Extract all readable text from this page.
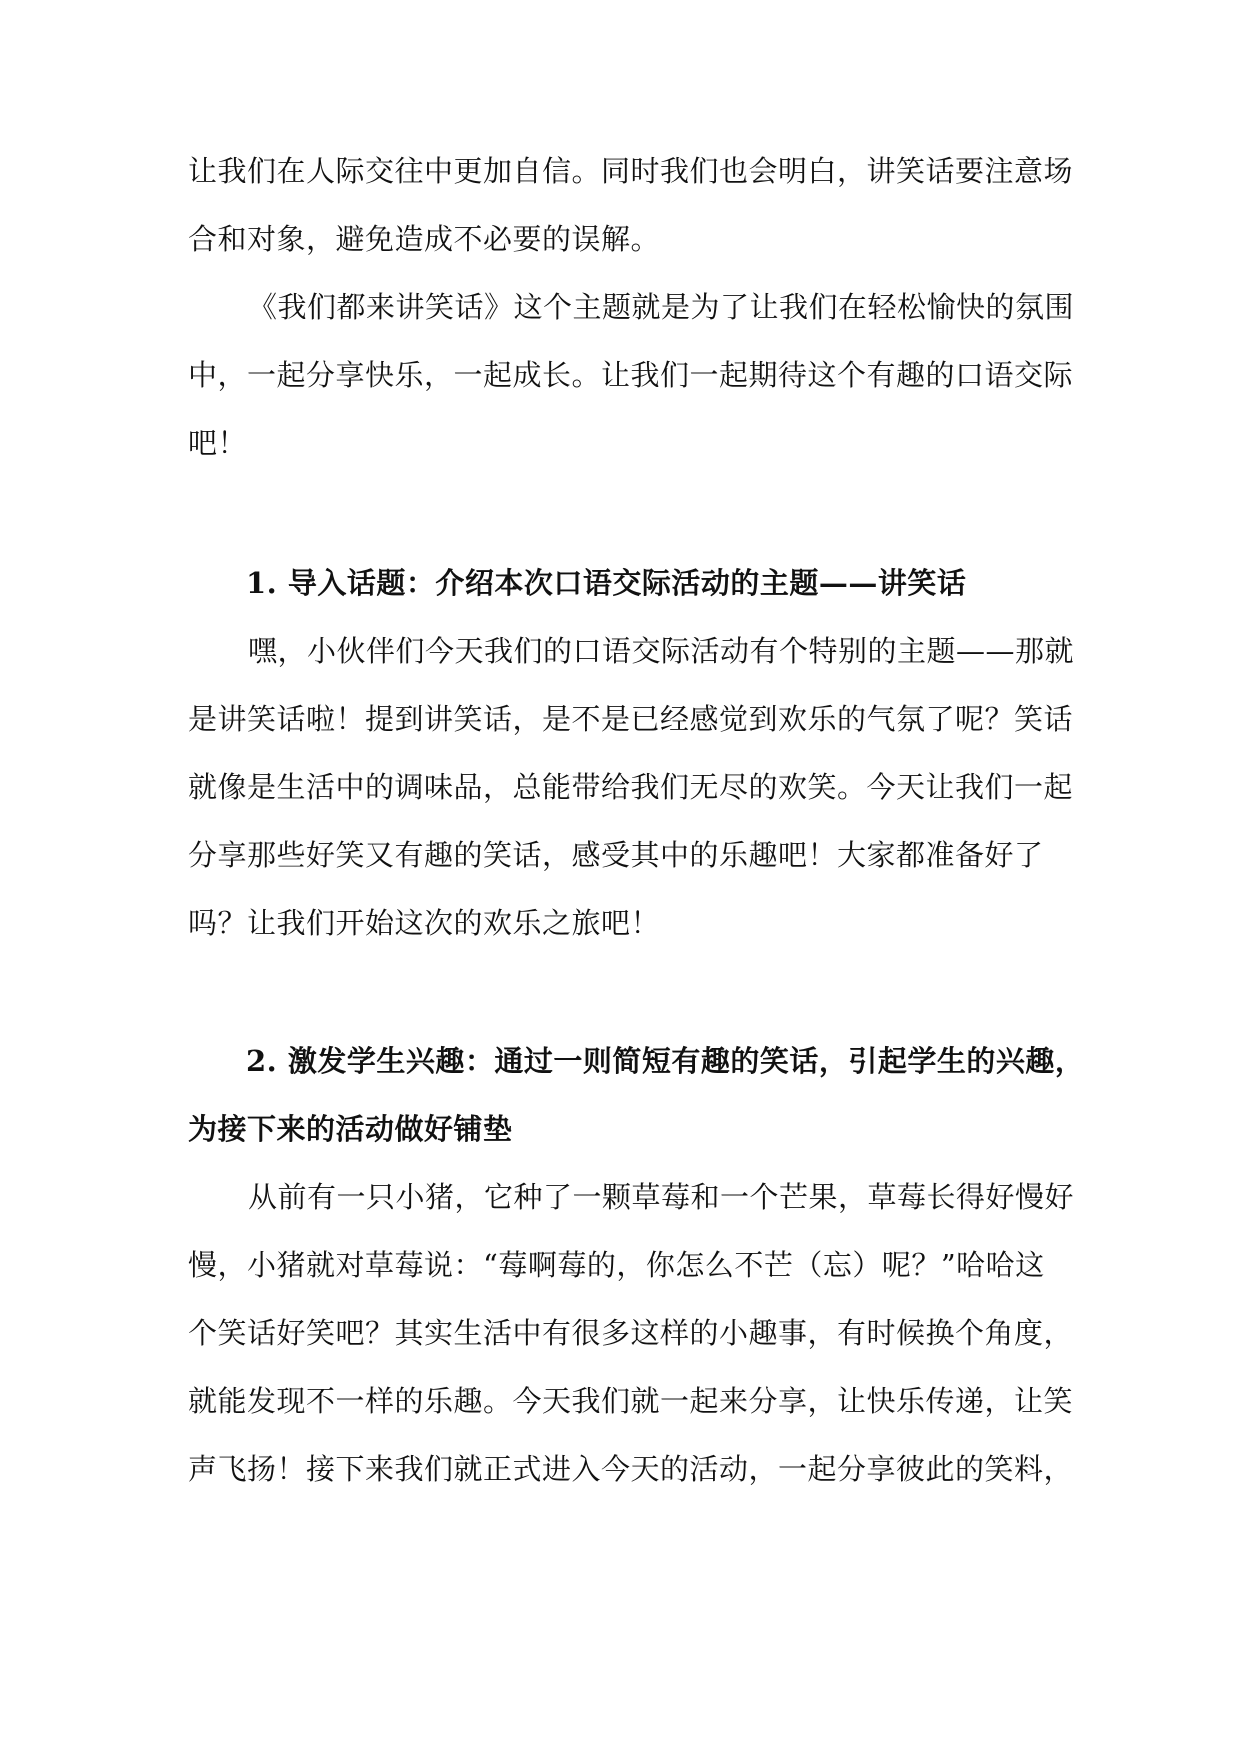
让我们在人际交往中更加自信。同时我们也会明白，讲笑话要注意场
合和对象，避免造成不必要的误解。
《我们都来讲笑话》这个主题就是为了让我们在轻松愉快的氛围
中，一起分享快乐，一起成长。让我们一起期待这个有趣的口语交际
吧！
1. 导入话题：介绍本次口语交际活动的主题——讲笑话
嘿，小伙伴们今天我们的口语交际活动有个特别的主题——那就
是讲笑话啦！提到讲笑话，是不是已经感觉到欢乐的气氛了呢？笑话
就像是生活中的调味品，总能带给我们无尽的欢笑。今天让我们一起
分享那些好笑又有趣的笑话，感受其中的乐趣吧！大家都准备好了
吗？让我们开始这次的欢乐之旅吧！
2. 激发学生兴趣：通过一则简短有趣的笑话，引起学生的兴趣，
为接下来的活动做好铺垫
从前有一只小猪，它种了一颗草莓和一个芒果，草莓长得好慢好
慢，小猪就对草莓说：“莓啊莓的，你怎么不芒（忘）呢？”哈哈这
个笑话好笑吧？其实生活中有很多这样的小趣事，有时候换个角度，
就能发现不一样的乐趣。今天我们就一起来分享，让快乐传递，让笑
声飞扬！接下来我们就正式进入今天的活动，一起分享彼此的笑料，
